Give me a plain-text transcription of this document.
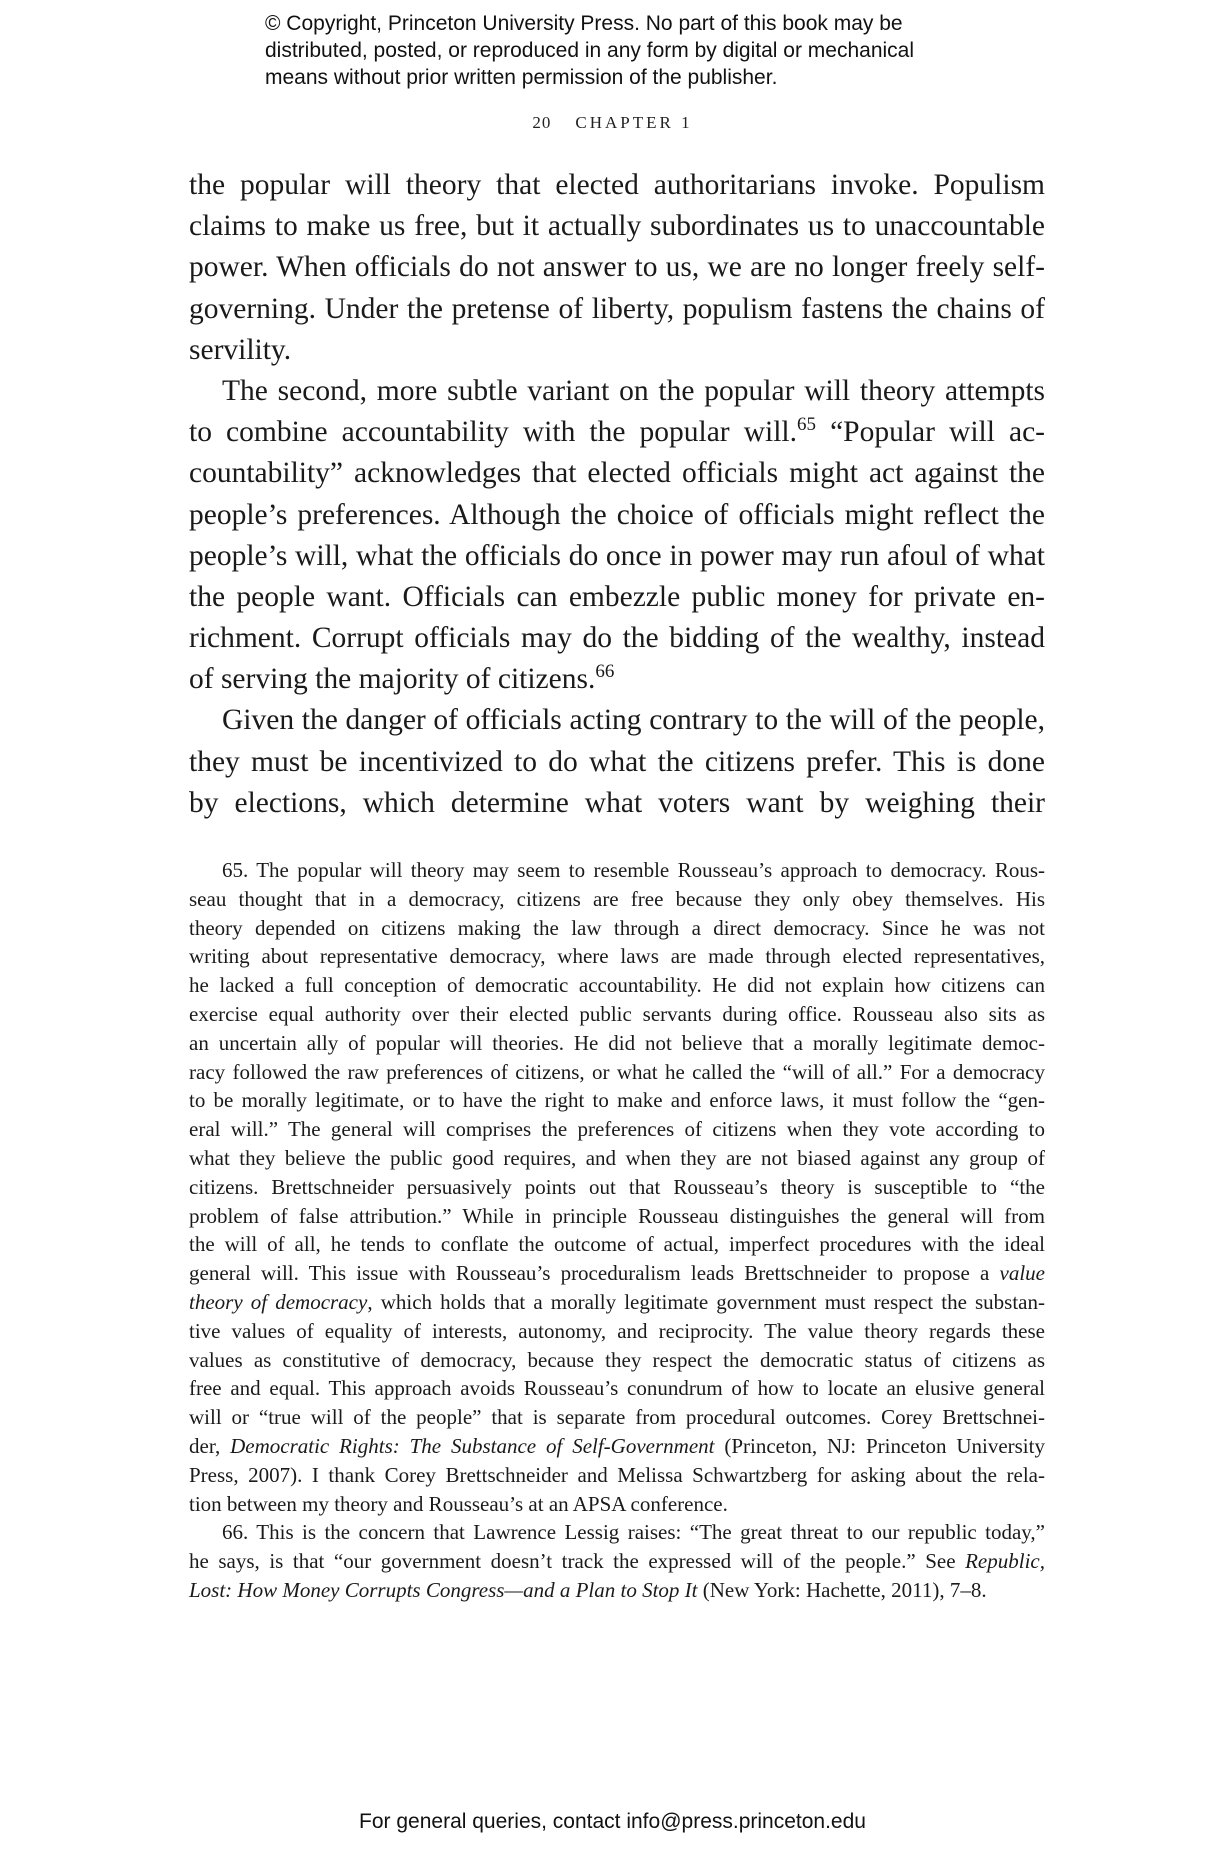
© Copyright, Princeton University Press. No part of this book may be
distributed, posted, or reproduced in any form by digital or mechanical
means without prior written permission of the publisher.
20 CHAPTER 1
the popular will theory that elected authoritarians invoke. Populism
claims to make us free, but it actually subordinates us to unaccountable
power. When officials do not answer to us, we are no longer freely self-
governing. Under the pretense of liberty, populism fastens the chains of
servility.
The second, more subtle variant on the popular will theory attempts
to combine accountability with the popular will.$^{65}$ “Popular will ac-
countability” acknowledges that elected officials might act against the
people’s preferences. Although the choice of officials might reflect the
people’s will, what the officials do once in power may run afoul of what
the people want. Officials can embezzle public money for private en-
richment. Corrupt officials may do the bidding of the wealthy, instead
of serving the majority of citizens.$^{66}$
Given the danger of officials acting contrary to the will of the people,
they must be incentivized to do what the citizens prefer. This is done
by elections, which determine what voters want by weighing their
65. The popular will theory may seem to resemble Rousseau’s approach to democracy. Rous-
seau thought that in a democracy, citizens are free because they only obey themselves. His
theory depended on citizens making the law through a direct democracy. Since he was not
writing about representative democracy, where laws are made through elected representatives,
he lacked a full conception of democratic accountability. He did not explain how citizens can
exercise equal authority over their elected public servants during office. Rousseau also sits as
an uncertain ally of popular will theories. He did not believe that a morally legitimate democ-
racy followed the raw preferences of citizens, or what he called the “will of all.” For a democracy
to be morally legitimate, or to have the right to make and enforce laws, it must follow the “gen-
eral will.” The general will comprises the preferences of citizens when they vote according to
what they believe the public good requires, and when they are not biased against any group of
citizens. Brettschneider persuasively points out that Rousseau’s theory is susceptible to “the
problem of false attribution.” While in principle Rousseau distinguishes the general will from
the will of all, he tends to conflate the outcome of actual, imperfect procedures with the ideal
general will. This issue with Rousseau’s proceduralism leads Brettschneider to propose a value
theory of democracy, which holds that a morally legitimate government must respect the substan-
tive values of equality of interests, autonomy, and reciprocity. The value theory regards these
values as constitutive of democracy, because they respect the democratic status of citizens as
free and equal. This approach avoids Rousseau’s conundrum of how to locate an elusive general
will or “true will of the people” that is separate from procedural outcomes. Corey Brettschnei-
der, Democratic Rights: The Substance of Self-Government (Princeton, NJ: Princeton University
Press, 2007). I thank Corey Brettschneider and Melissa Schwartzberg for asking about the rela-
tion between my theory and Rousseau’s at an APSA conference.
66. This is the concern that Lawrence Lessig raises: “The great threat to our republic today,”
he says, is that “our government doesn’t track the expressed will of the people.” See Republic,
Lost: How Money Corrupts Congress—and a Plan to Stop It (New York: Hachette, 2011), 7–8.
For general queries, contact info@press.princeton.edu
